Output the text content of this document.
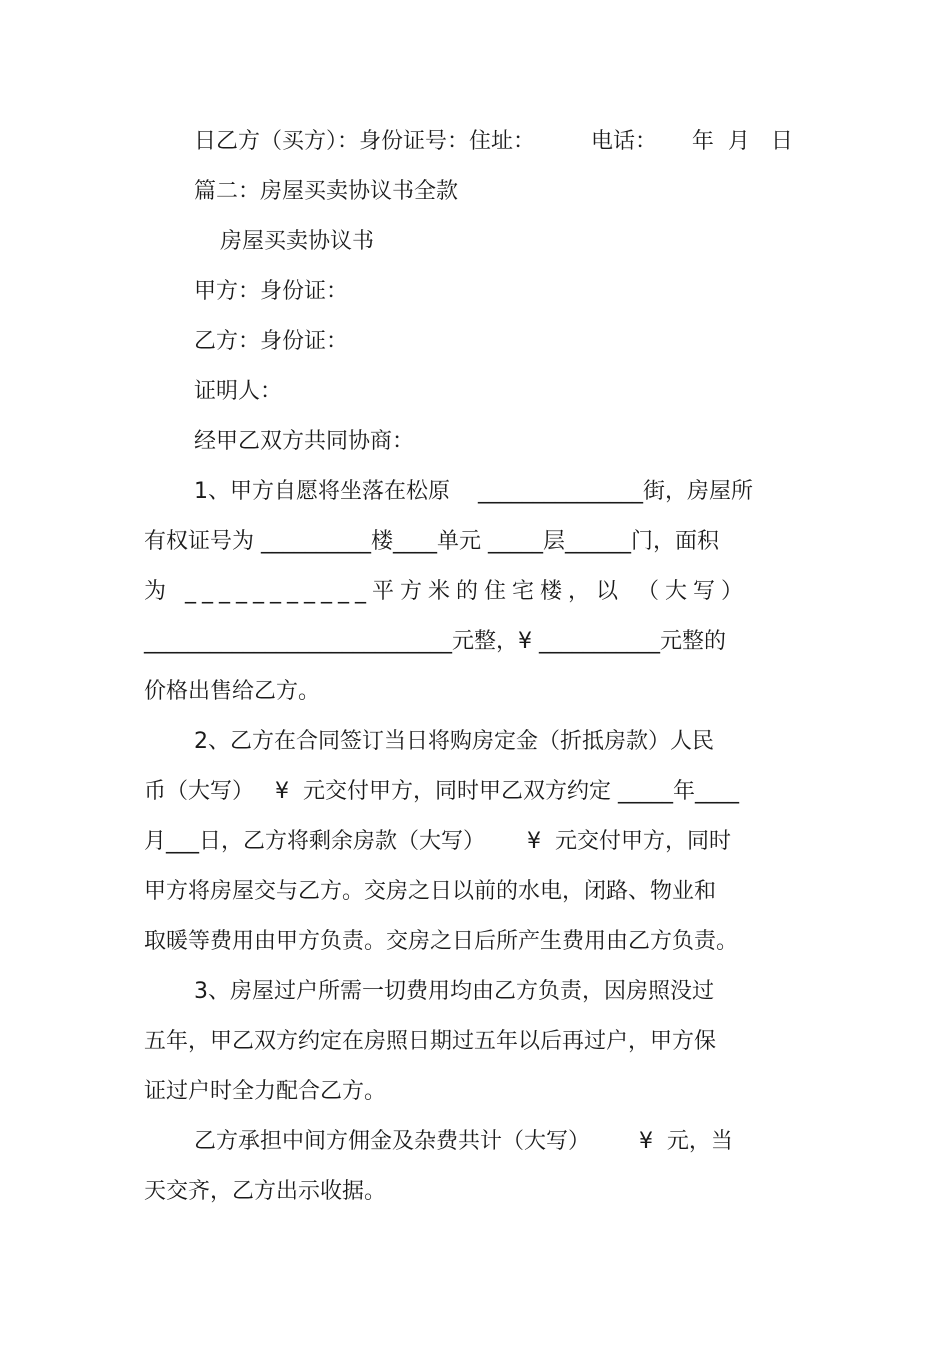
日乙方（买方）：身份证号：住址：        电话：     年  月   日

篇二：房屋买卖协议书全款

房屋买卖协议书

甲方：身份证：

乙方：身份证：

证明人：

经甲乙双方共同协商：

1、甲方自愿将坐落在松原    _______________街，房屋所

有权证号为 __________楼____单元 _____层______门，面积

为 ___________平方米的住宅楼，以 （大写）

____________________________元整，¥ ___________元整的

价格出售给乙方。

2、乙方在合同签订当日将购房定金（折抵房款）人民

币（大写）   ¥  元交付甲方，同时甲乙双方约定 _____年____

月___日，乙方将剩余房款（大写）      ¥  元交付甲方，同时

甲方将房屋交与乙方。交房之日以前的水电，闭路、物业和

取暖等费用由甲方负责。交房之日后所产生费用由乙方负责。

3、房屋过户所需一切费用均由乙方负责，因房照没过

五年，甲乙双方约定在房照日期过五年以后再过户，甲方保

证过户时全力配合乙方。

乙方承担中间方佣金及杂费共计（大写）       ¥  元，当

天交齐，乙方出示收据。
